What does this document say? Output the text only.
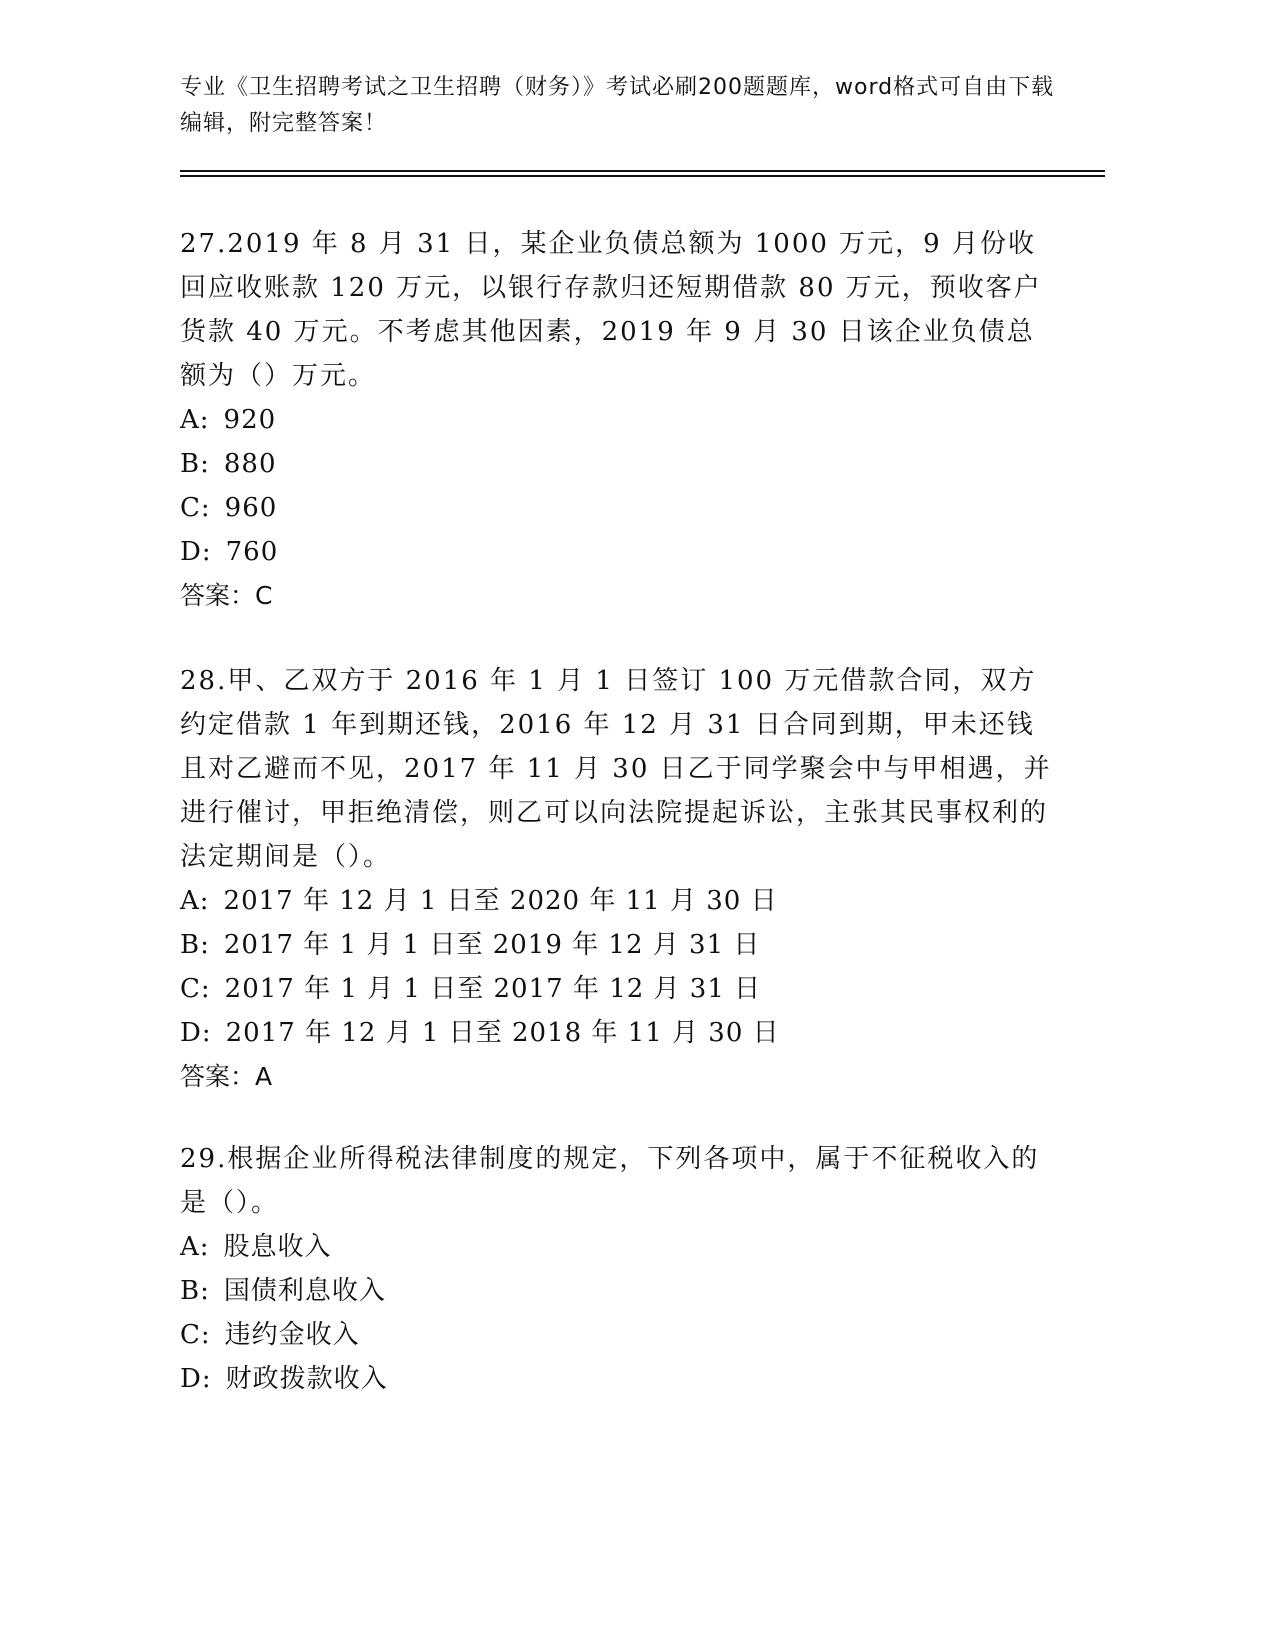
专业《卫生招聘考试之卫生招聘（财务）》考试必刷200题题库，word格式可自由下载编辑，附完整答案！

27.2019 年 8 月 31 日，某企业负债总额为 1000 万元，9 月份收回应收账款 120 万元，以银行存款归还短期借款 80 万元，预收客户货款 40 万元。不考虑其他因素，2019 年 9 月 30 日该企业负债总额为（）万元。

A: 920

B: 880

C: 960

D: 760

答案：C

28.甲、乙双方于 2016 年 1 月 1 日签订 100 万元借款合同，双方约定借款 1 年到期还钱，2016 年 12 月 31 日合同到期，甲未还钱且对乙避而不见，2017 年 11 月 30 日乙于同学聚会中与甲相遇，并进行催讨，甲拒绝清偿，则乙可以向法院提起诉讼，主张其民事权利的法定期间是（）。

A: 2017 年 12 月 1 日至 2020 年 11 月 30 日

B: 2017 年 1 月 1 日至 2019 年 12 月 31 日

C: 2017 年 1 月 1 日至 2017 年 12 月 31 日

D: 2017 年 12 月 1 日至 2018 年 11 月 30 日

答案：A

29.根据企业所得税法律制度的规定，下列各项中，属于不征税收入的是（）。

A: 股息收入

B: 国债利息收入

C: 违约金收入

D: 财政拨款收入
